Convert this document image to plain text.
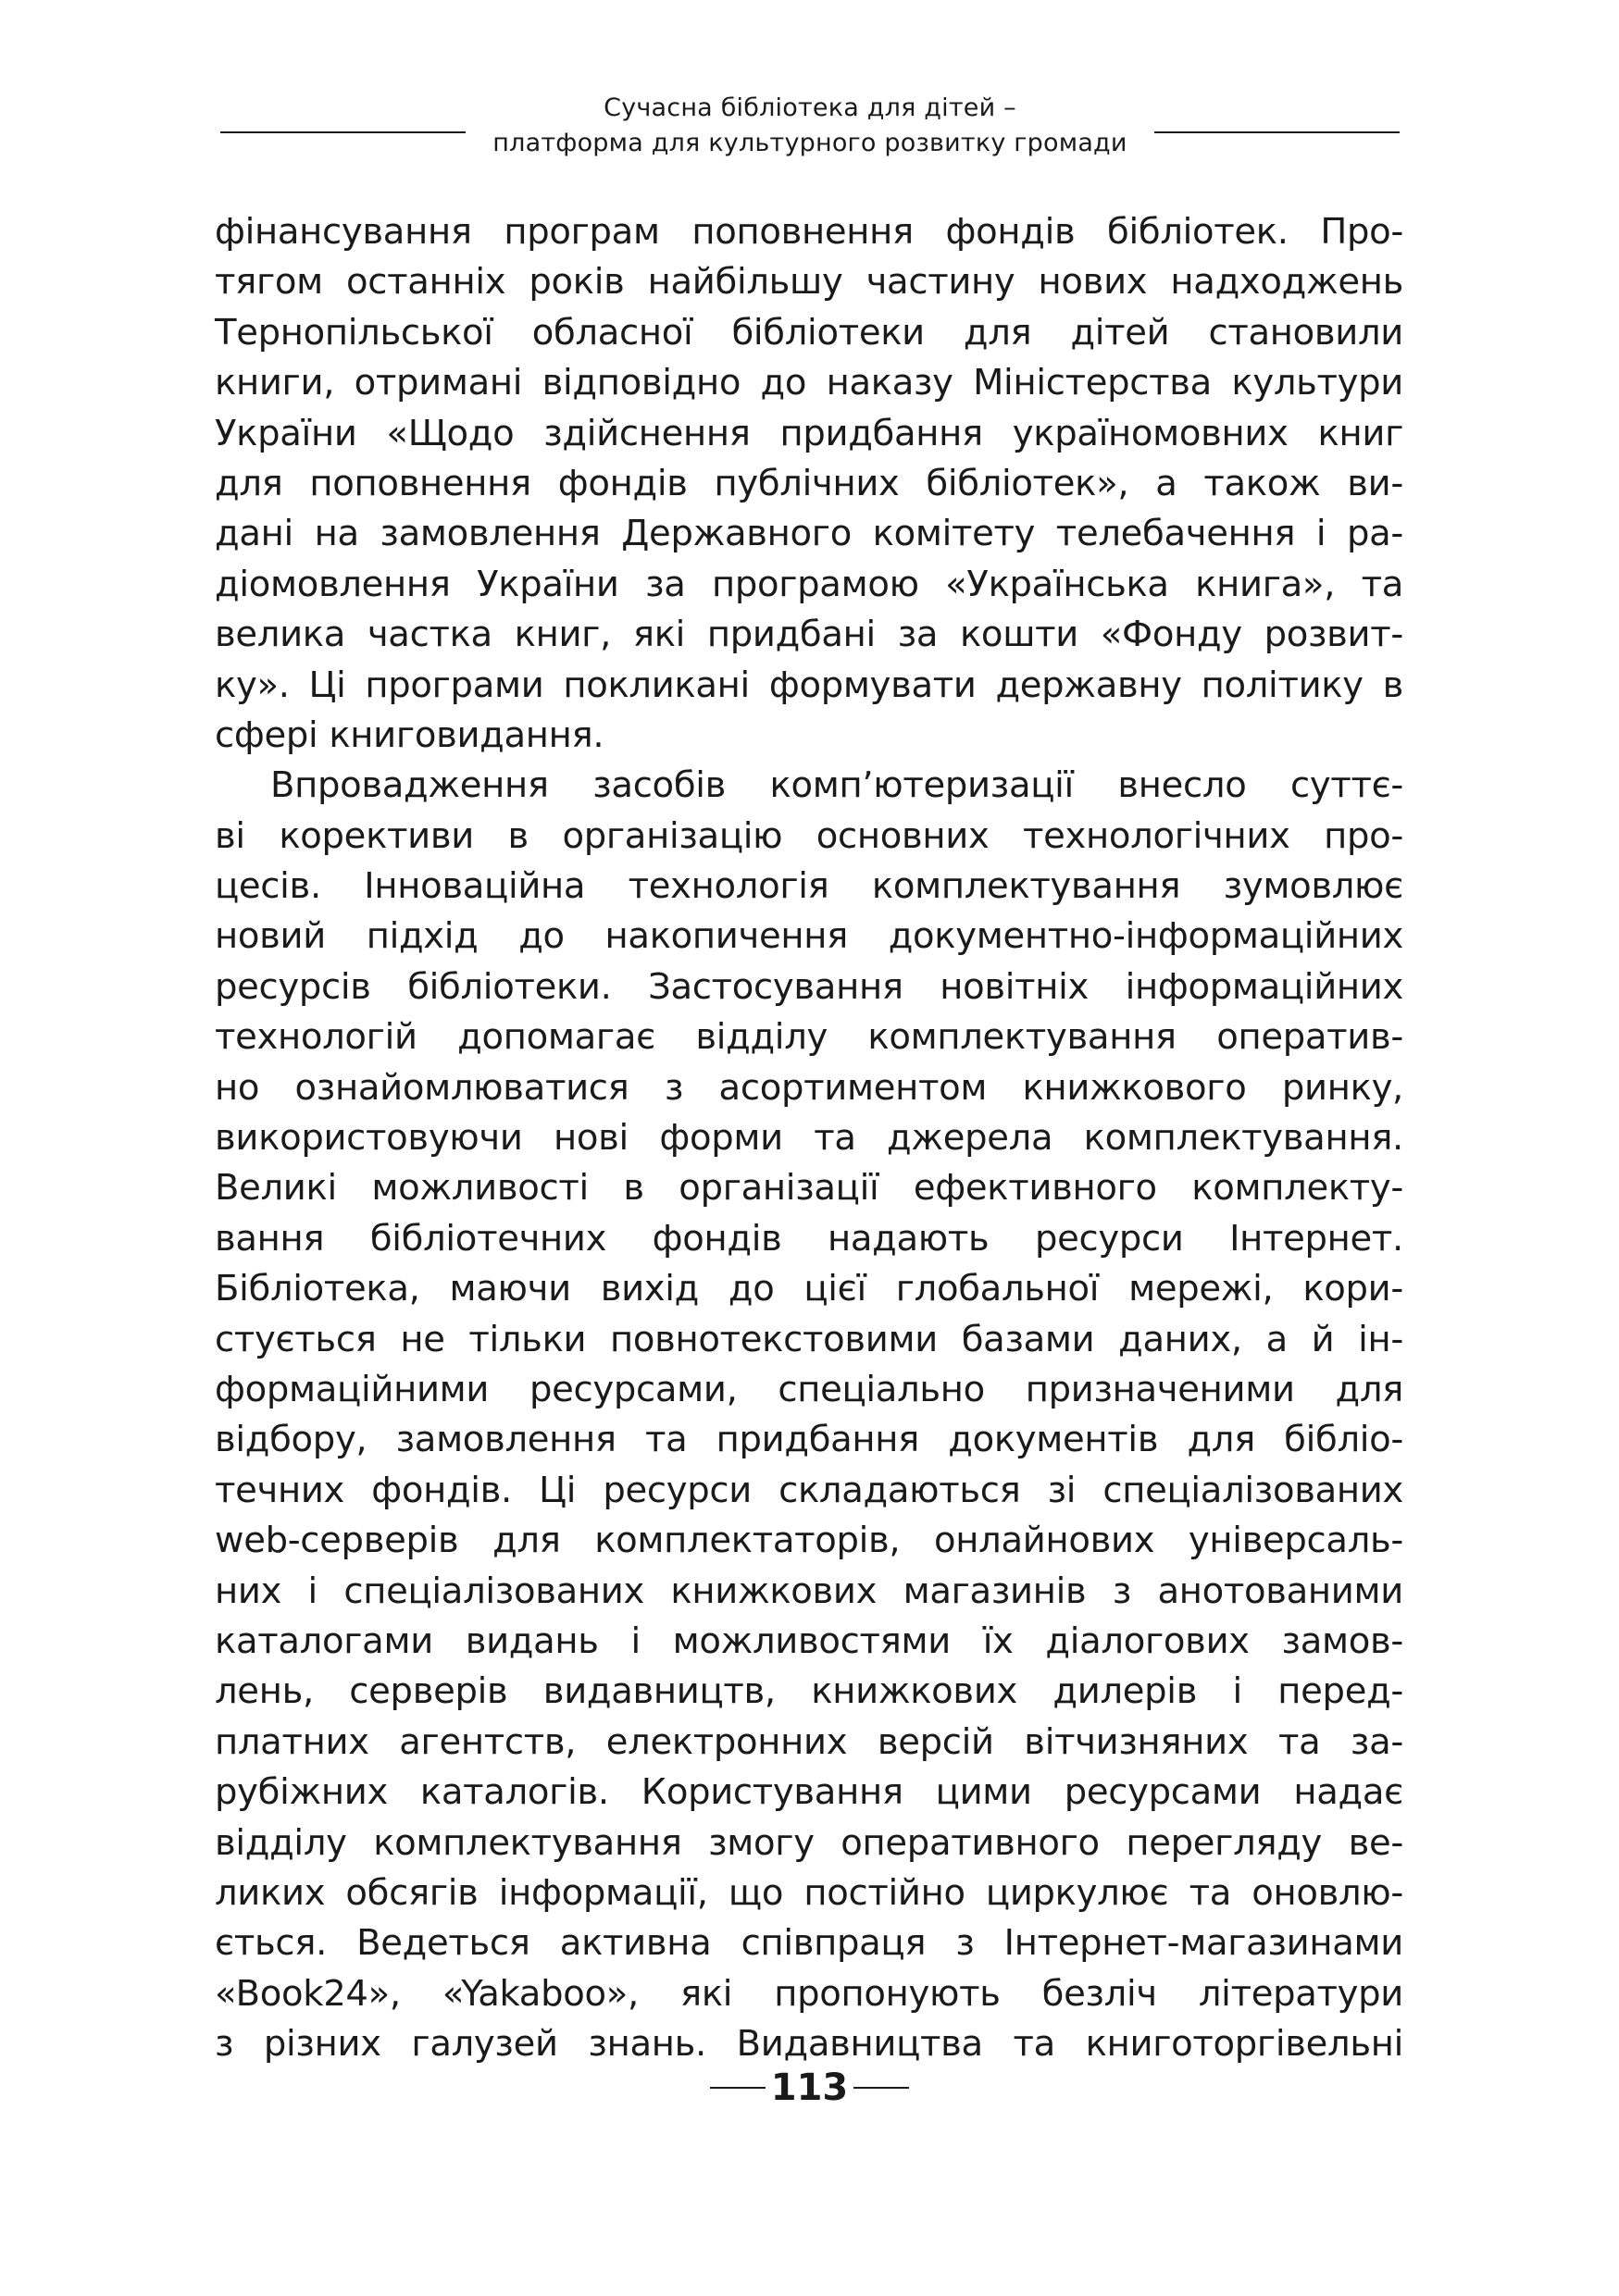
Сучасна бібліотека для дітей –
платформа для культурного розвитку громади
фінансування програм поповнення фондів бібліотек. Про-
тягом останніх років найбільшу частину нових надходжень
Тернопільської обласної бібліотеки для дітей становили
книги, отримані відповідно до наказу Міністерства культури
України «Щодо здійснення придбання україномовних книг
для поповнення фондів публічних бібліотек», а також ви-
дані на замовлення Державного комітету телебачення і ра-
діомовлення України за програмою «Українська книга», та
велика частка книг, які придбані за кошти «Фонду розвит-
ку». Ці програми покликані формувати державну політику в
сфері книговидання.
Впровадження засобів комп’ютеризації внесло суттє-
ві корективи в організацію основних технологічних про-
цесів. Інноваційна технологія комплектування зумовлює
новий підхід до накопичення документно-інформаційних
ресурсів бібліотеки. Застосування новітніх інформаційних
технологій допомагає відділу комплектування оператив-
но ознайомлюватися з асортиментом книжкового ринку,
використовуючи нові форми та джерела комплектування.
Великі можливості в організації ефективного комплекту-
вання бібліотечних фондів надають ресурси Інтернет.
Бібліотека, маючи вихід до цієї глобальної мережі, кори-
стується не тільки повнотекстовими базами даних, а й ін-
формаційними ресурсами, спеціально призначеними для
відбору, замовлення та придбання документів для бібліо-
течних фондів. Ці ресурси складаються зі спеціалізованих
web-серверів для комплектаторів, онлайнових універсаль-
них і спеціалізованих книжкових магазинів з анотованими
каталогами видань і можливостями їх діалогових замов-
лень, серверів видавництв, книжкових дилерів і перед-
платних агентств, електронних версій вітчизняних та за-
рубіжних каталогів. Користування цими ресурсами надає
відділу комплектування змогу оперативного перегляду ве-
ликих обсягів інформації, що постійно циркулює та оновлю-
ється. Ведеться активна співпраця з Інтернет-магазинами
«Book24», «Yakaboo», які пропонують безліч літератури
з різних галузей знань. Видавництва та книготоргівельні
113
